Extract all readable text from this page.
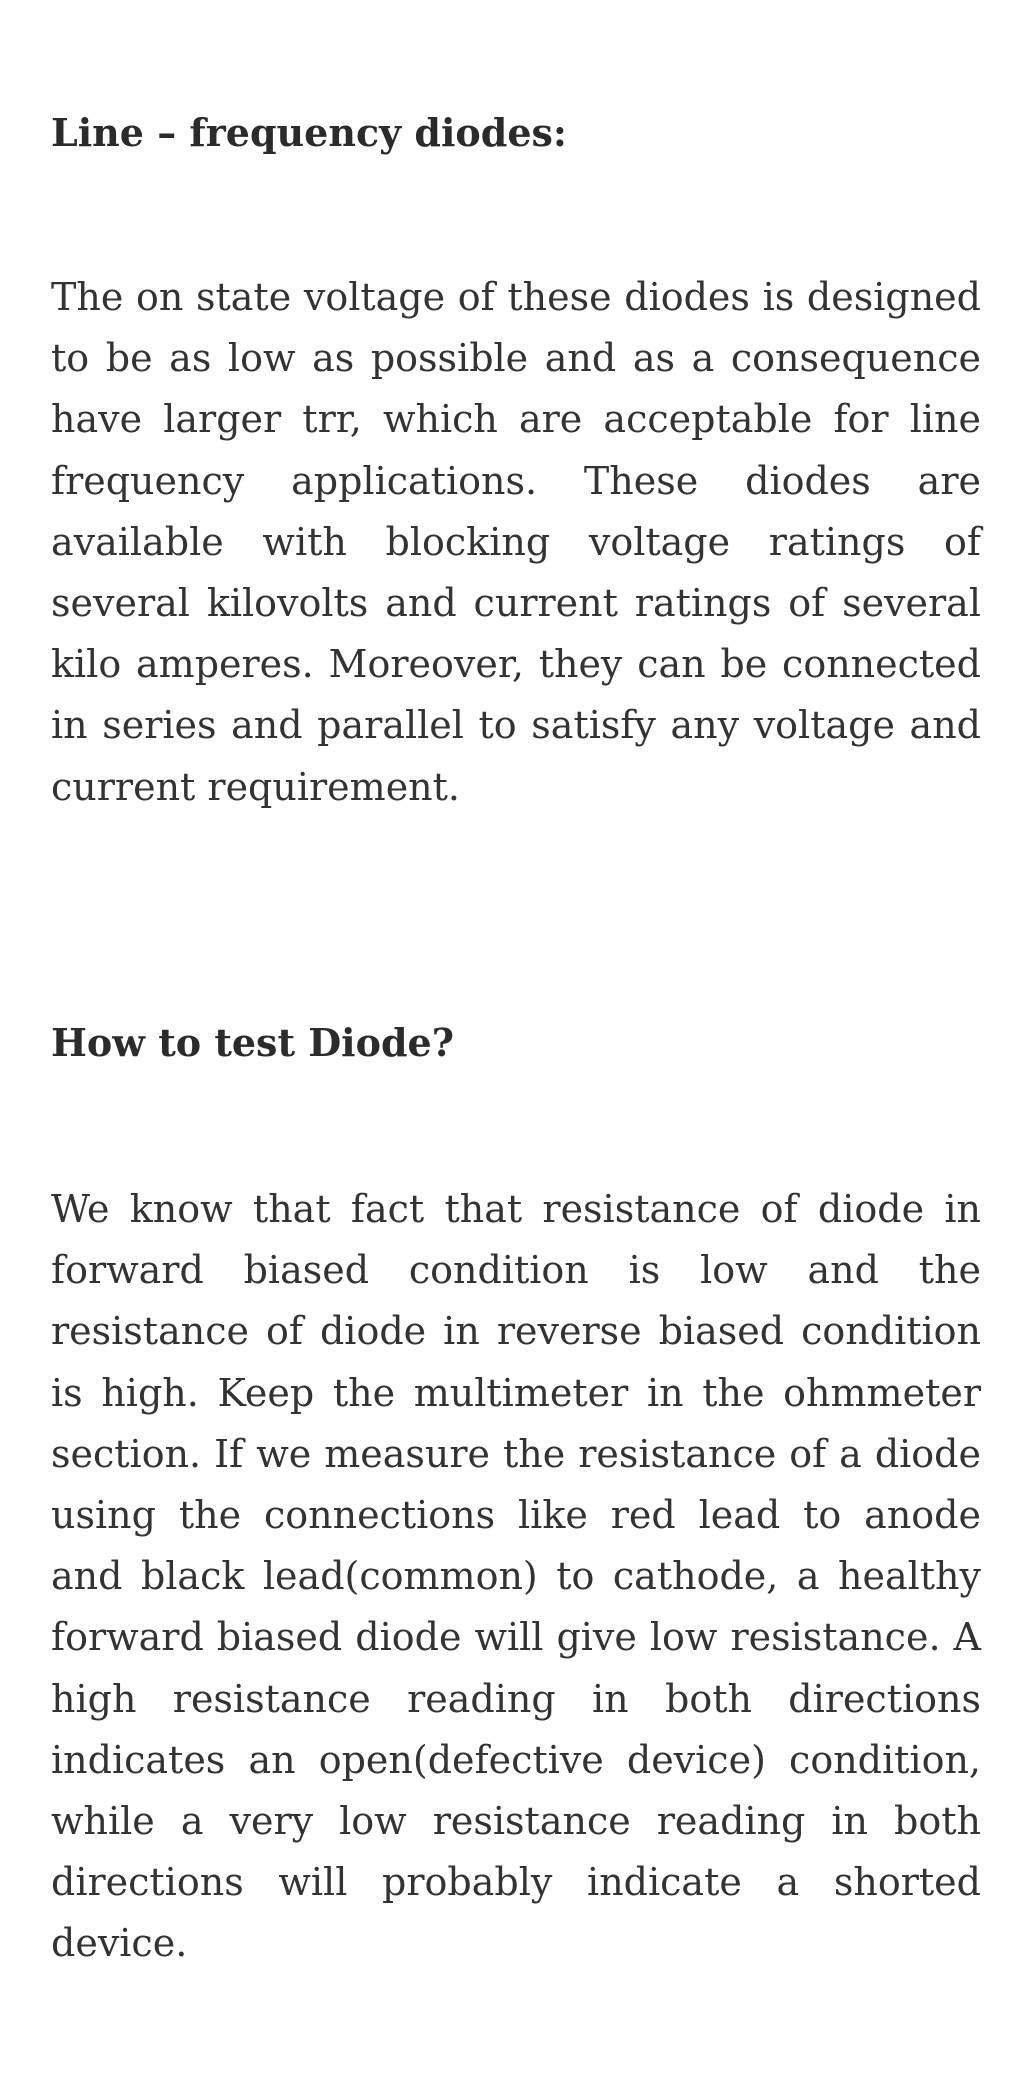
Line – frequency diodes:

The on state voltage of these diodes is designed to be as low as possible and as a consequence have larger trr, which are acceptable for line frequency applications. These diodes are available with blocking voltage ratings of several kilovolts and current ratings of several kilo amperes. Moreover, they can be connected in series and parallel to satisfy any voltage and current requirement.

How to test Diode?

We know that fact that resistance of diode in forward biased condition is low and the resistance of diode in reverse biased condition is high. Keep the multimeter in the ohmmeter section. If we measure the resistance of a diode using the connections like red lead to anode and black lead(common) to cathode, a healthy forward biased diode will give low resistance. A high resistance reading in both directions indicates an open(defective device) condition, while a very low resistance reading in both directions will probably indicate a shorted device.
